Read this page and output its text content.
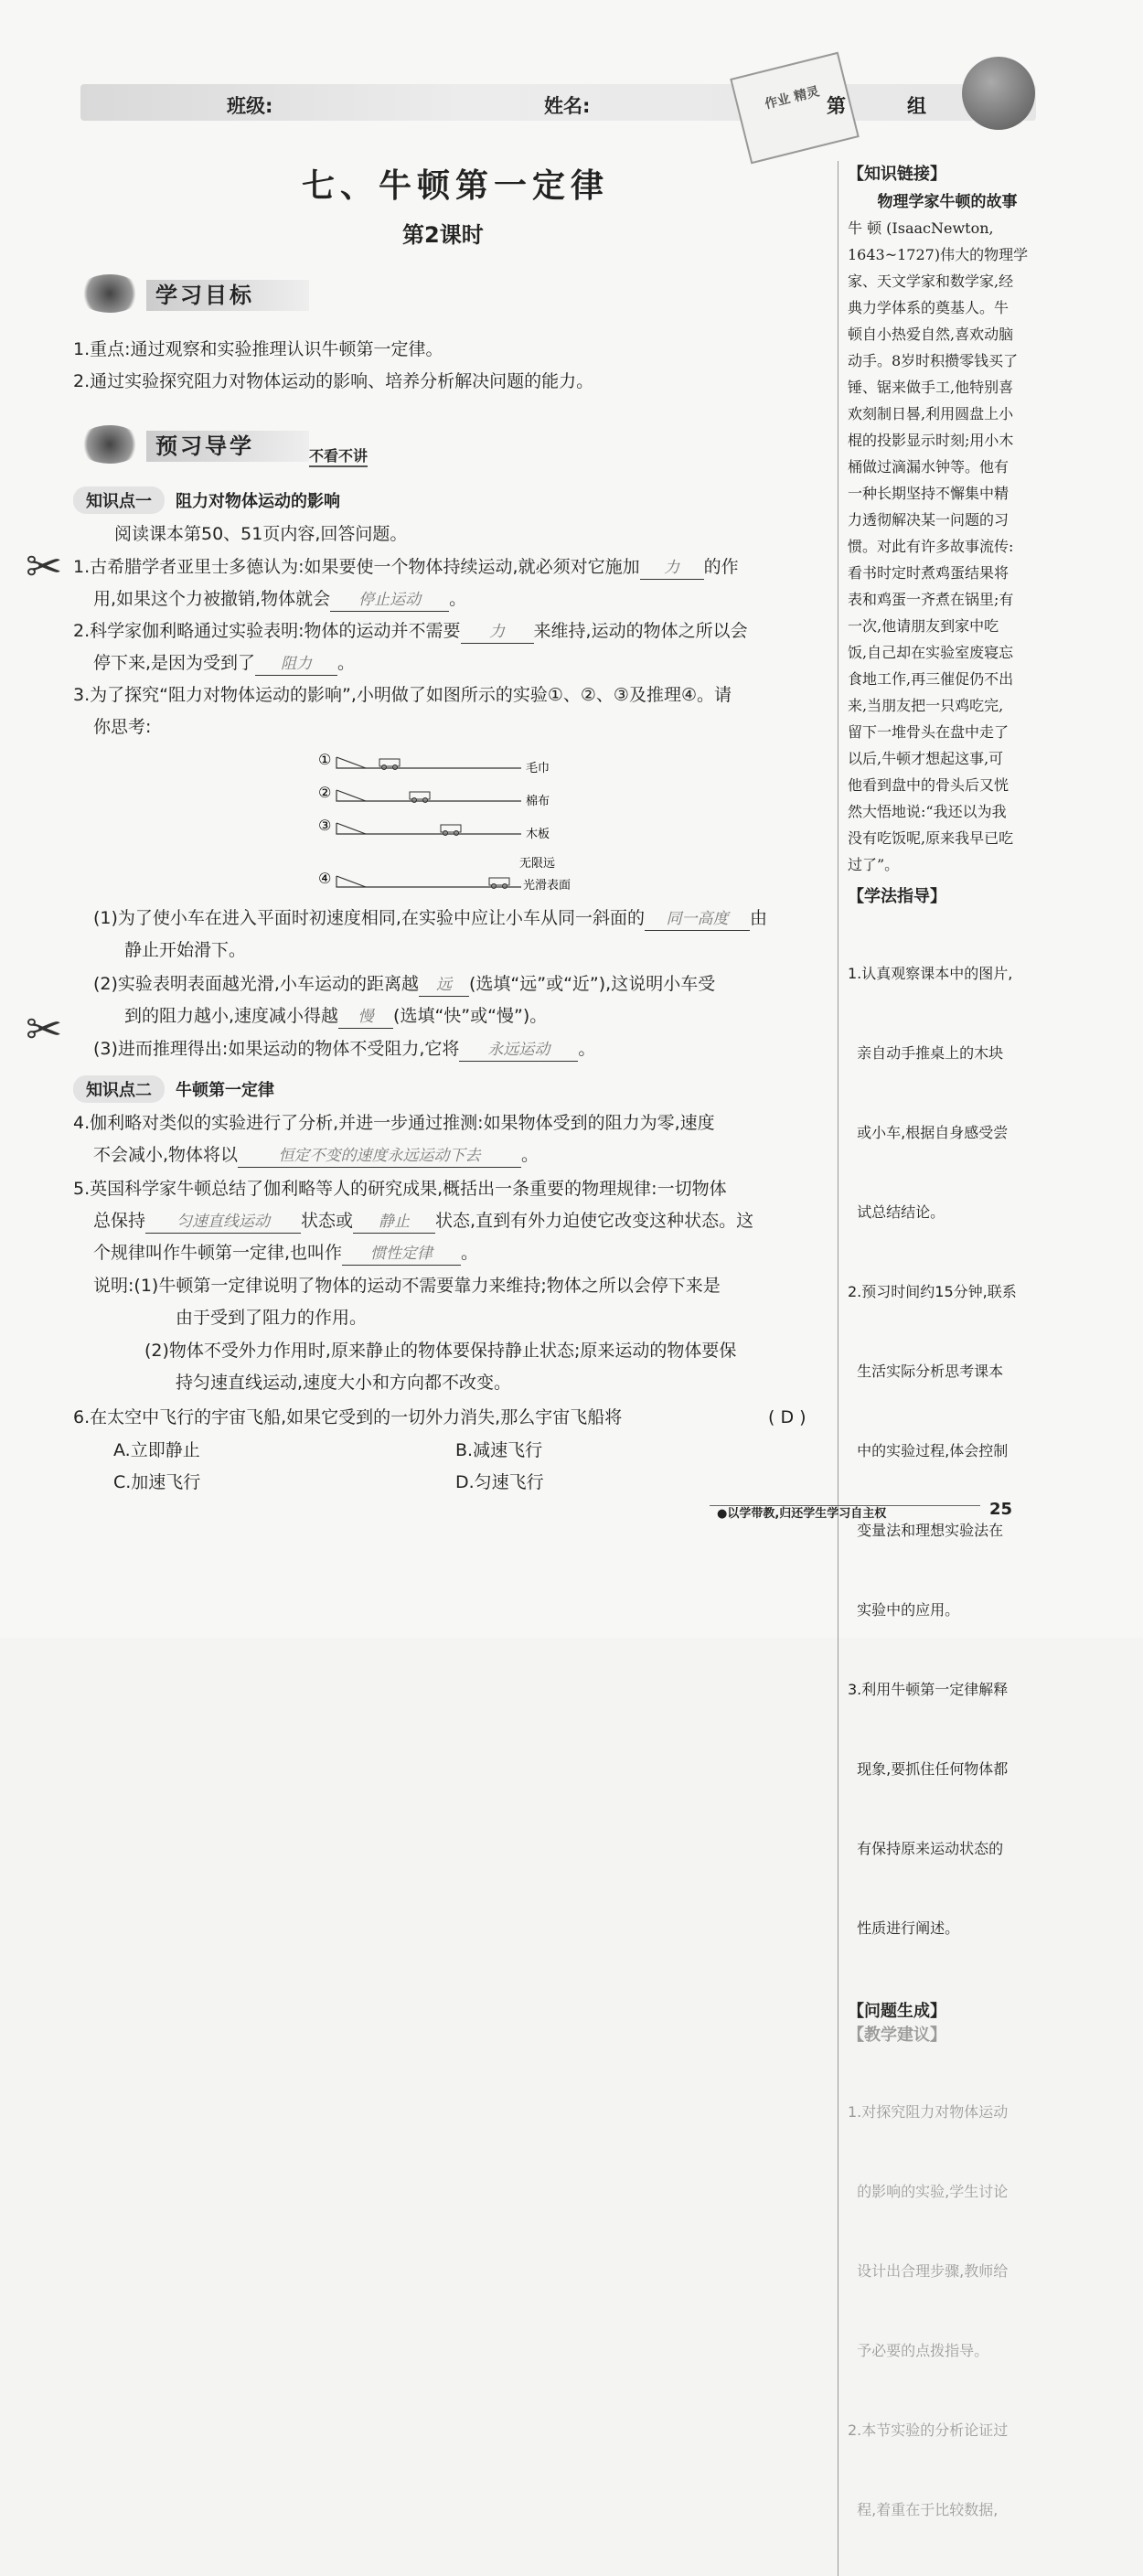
班级:	姓名:	作业 精灵 第	组
七、牛顿第一定律
第2课时
学习目标
1.重点:通过观察和实验推理认识牛顿第一定律。
2.通过实验探究阻力对物体运动的影响、培养分析解决问题的能力。
预习导学	不看不讲
知识点一 阻力对物体运动的影响
阅读课本第50、51页内容,回答问题。
✂ 1.古希腊学者亚里士多德认为:如果要使一个物体持续运动,就必须对它施加 力 的作
用,如果这个力被撤销,物体就会 停止运动 。
2.科学家伽利略通过实验表明:物体的运动并不需要 力 来维持,运动的物体之所以会
停下来,是因为受到了 阻力 。
3.为了探究“阻力对物体运动的影响”,小明做了如图所示的实验①、②、③及推理④。请
你思考:
①
毛巾
②
棉布
③
木板
④
无限远
光滑表面
(1)为了使小车在进入平面时初速度相同,在实验中应让小车从同一斜面的 同一高度 由
静止开始滑下。
✂
(2)实验表明表面越光滑,小车运动的距离越 远 (选填“远”或“近”),这说明小车受
到的阻力越小,速度减小得越 慢 (选填“快”或“慢”)。
(3)进而推理得出:如果运动的物体不受阻力,它将 永远运动 。
知识点二 牛顿第一定律
4.伽利略对类似的实验进行了分析,并进一步通过推测:如果物体受到的阻力为零,速度
不会减小,物体将以	恒定不变的速度永远运动下去 。
5.英国科学家牛顿总结了伽利略等人的研究成果,概括出一条重要的物理规律:一切物体
总保持 匀速直线运动 状态或 静止 状态,直到有外力迫使它改变这种状态。这
个规律叫作牛顿第一定律,也叫作 惯性定律 。
说明:(1)牛顿第一定律说明了物体的运动不需要靠力来维持;物体之所以会停下来是
由于受到了阻力的作用。
(2)物体不受外力作用时,原来静止的物体要保持静止状态;原来运动的物体要保
持匀速直线运动,速度大小和方向都不改变。
6.在太空中飞行的宇宙飞船,如果它受到的一切外力消失,那么宇宙飞船将	( D )
A.立即静止	B.减速飞行
C.加速飞行	D.匀速飞行
【知识链接】
物理学家牛顿的故事
牛 顿 (IsaacNewton,
1643~1727)伟大的物理学
家、天文学家和数学家,经
典力学体系的奠基人。牛
顿自小热爱自然,喜欢动脑
动手。8岁时积攒零钱买了
锤、锯来做手工,他特别喜
欢刻制日晷,利用圆盘上小
棍的投影显示时刻;用小木
桶做过滴漏水钟等。他有
一种长期坚持不懈集中精
力透彻解决某一问题的习
惯。对此有许多故事流传:
看书时定时煮鸡蛋结果将
表和鸡蛋一齐煮在锅里;有
一次,他请朋友到家中吃
饭,自己却在实验室废寝忘
食地工作,再三催促仍不出
来,当朋友把一只鸡吃完,
留下一堆骨头在盘中走了
以后,牛顿才想起这事,可
他看到盘中的骨头后又恍
然大悟地说:“我还以为我
没有吃饭呢,原来我早已吃
过了”。
【学法指导】

1.认真观察课本中的图片,

亲自动手推桌上的木块

或小车,根据自身感受尝

试总结结论。

2.预习时间约15分钟,联系

生活实际分析思考课本

中的实验过程,体会控制

变量法和理想实验法在

实验中的应用。

3.利用牛顿第一定律解释

现象,要抓住任何物体都

有保持原来运动状态的

性质进行阐述。

【问题生成】
【教学建议】

1.对探究阻力对物体运动

的影响的实验,学生讨论

设计出合理步骤,教师给

予必要的点拨指导。

2.本节实验的分析论证过

程,着重在于比较数据,

●以学带教,归还学生学习自主权	25
